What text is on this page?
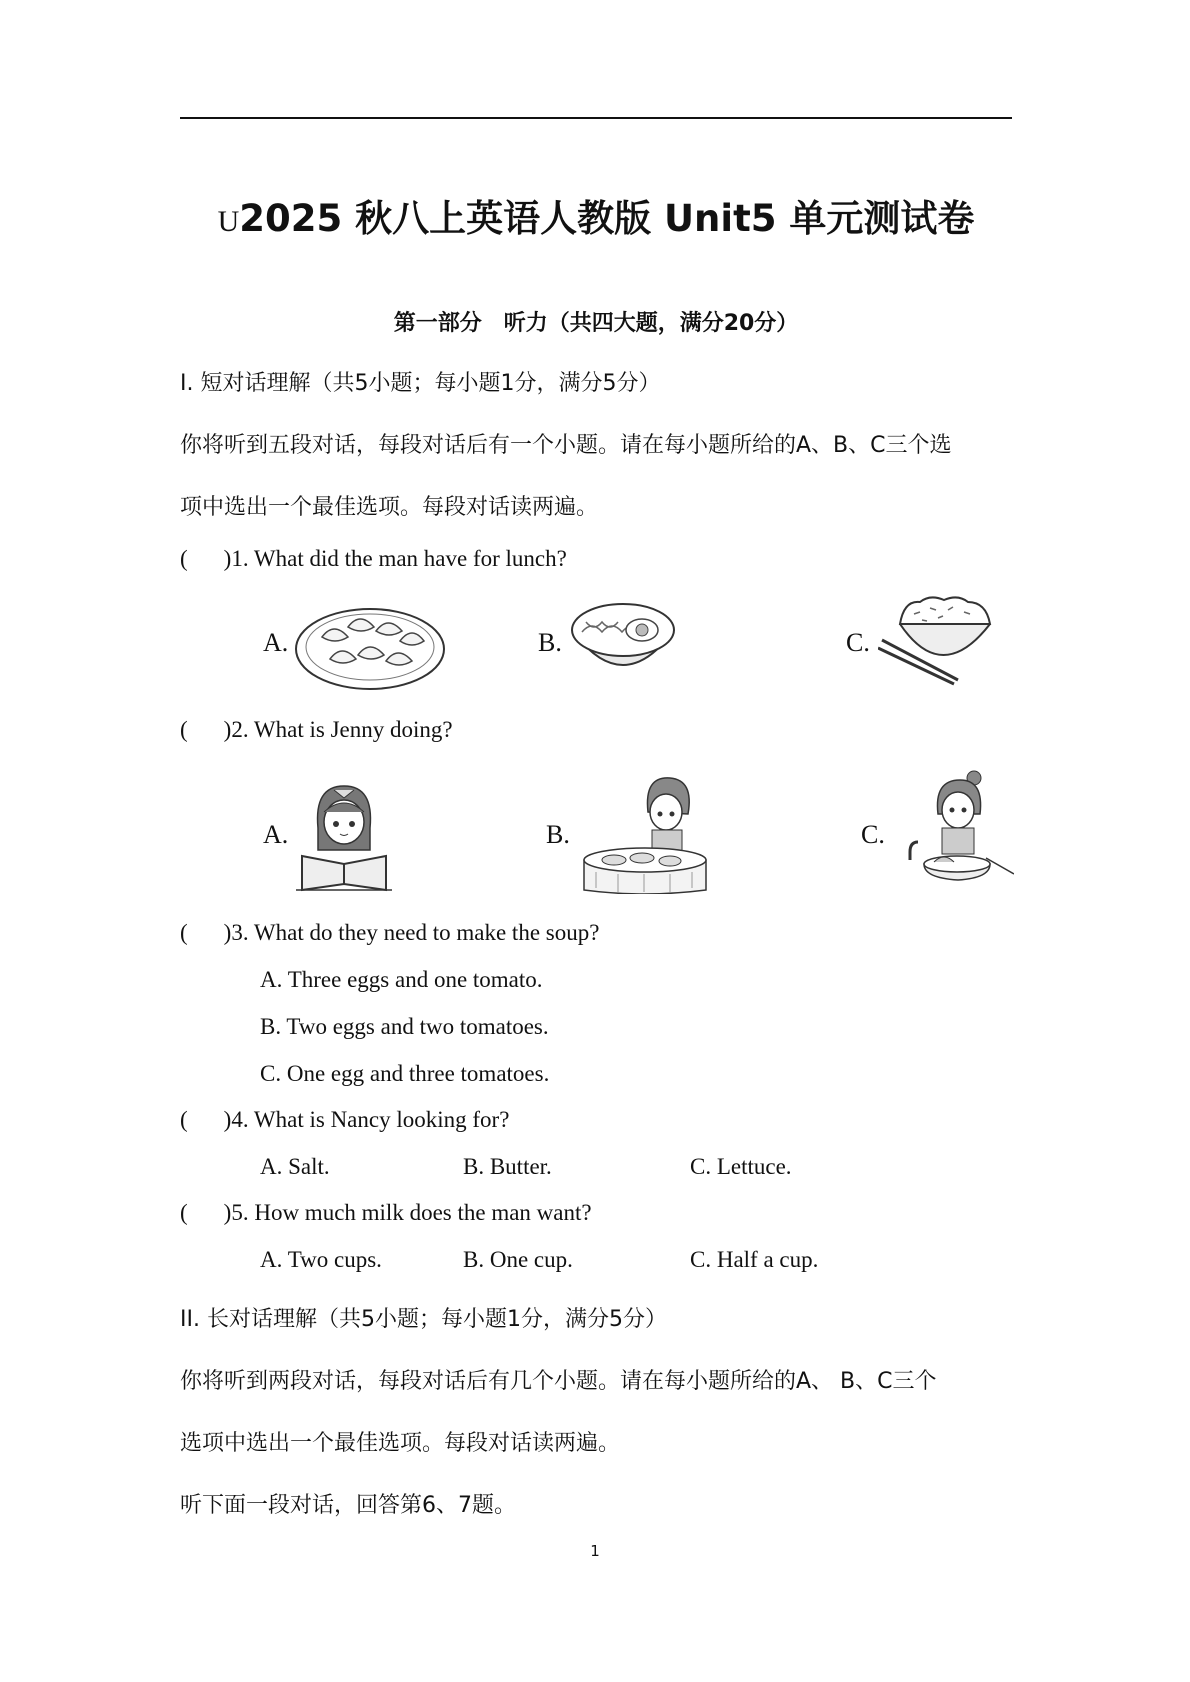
U2025 秋八上英语人教版 Unit5 单元测试卷
第一部分　听力（共四大题，满分20分）
I. 短对话理解（共5小题；每小题1分，满分5分）
你将听到五段对话，每段对话后有一个小题。请在每小题所给的A、B、C三个选
项中选出一个最佳选项。每段对话读两遍。
( )1. What did the man have for lunch?
A.	B.	C.
( )2. What is Jenny doing?
A.	B.	C.
( )3. What do they need to make the soup?
A. Three eggs and one tomato.
B. Two eggs and two tomatoes.
C. One egg and three tomatoes.
( )4. What is Nancy looking for?
A. Salt.	B. Butter.	C. Lettuce.
( )5. How much milk does the man want?
A. Two cups.	B. One cup.	C. Half a cup.
II. 长对话理解（共5小题；每小题1分，满分5分）
你将听到两段对话，每段对话后有几个小题。请在每小题所给的A、 B、C三个
选项中选出一个最佳选项。每段对话读两遍。
听下面一段对话，回答第6、7题。
1
